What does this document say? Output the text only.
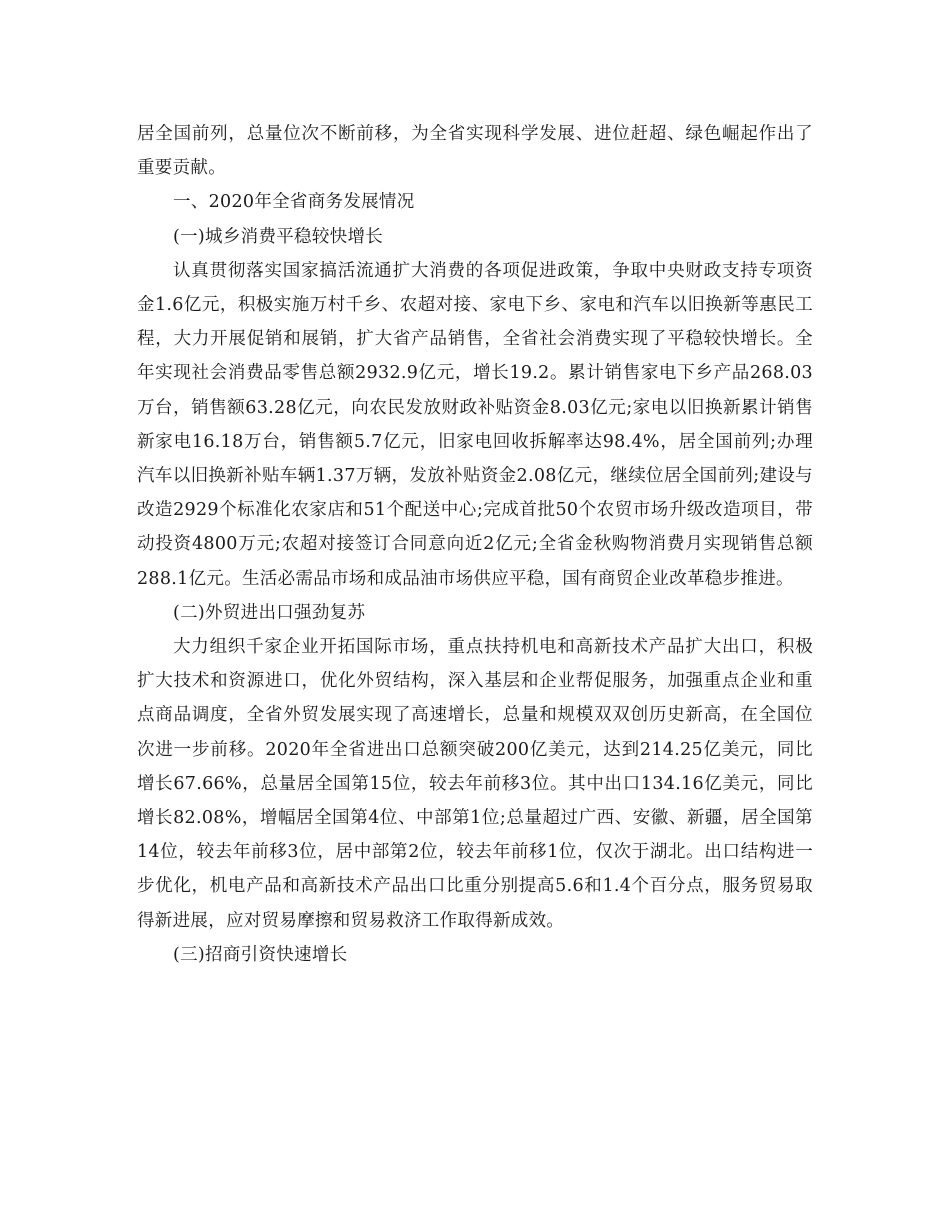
居全国前列，总量位次不断前移，为全省实现科学发展、进位赶超、绿色崛起作出了重要贡献。

一、2020年全省商务发展情况

(一)城乡消费平稳较快增长

认真贯彻落实国家搞活流通扩大消费的各项促进政策，争取中央财政支持专项资金1.6亿元，积极实施万村千乡、农超对接、家电下乡、家电和汽车以旧换新等惠民工程，大力开展促销和展销，扩大省产品销售，全省社会消费实现了平稳较快增长。全年实现社会消费品零售总额2932.9亿元，增长19.2。累计销售家电下乡产品268.03万台，销售额63.28亿元，向农民发放财政补贴资金8.03亿元;家电以旧换新累计销售新家电16.18万台，销售额5.7亿元，旧家电回收拆解率达98.4%，居全国前列;办理汽车以旧换新补贴车辆1.37万辆，发放补贴资金2.08亿元，继续位居全国前列;建设与改造2929个标准化农家店和51个配送中心;完成首批50个农贸市场升级改造项目，带动投资4800万元;农超对接签订合同意向近2亿元;全省金秋购物消费月实现销售总额288.1亿元。生活必需品市场和成品油市场供应平稳，国有商贸企业改革稳步推进。

(二)外贸进出口强劲复苏

大力组织千家企业开拓国际市场，重点扶持机电和高新技术产品扩大出口，积极扩大技术和资源进口，优化外贸结构，深入基层和企业帮促服务，加强重点企业和重点商品调度，全省外贸发展实现了高速增长，总量和规模双双创历史新高，在全国位次进一步前移。2020年全省进出口总额突破200亿美元，达到214.25亿美元，同比增长67.66%，总量居全国第15位，较去年前移3位。其中出口134.16亿美元，同比增长82.08%，增幅居全国第4位、中部第1位;总量超过广西、安徽、新疆，居全国第14位，较去年前移3位，居中部第2位，较去年前移1位，仅次于湖北。出口结构进一步优化，机电产品和高新技术产品出口比重分别提高5.6和1.4个百分点，服务贸易取得新进展，应对贸易摩擦和贸易救济工作取得新成效。

(三)招商引资快速增长
